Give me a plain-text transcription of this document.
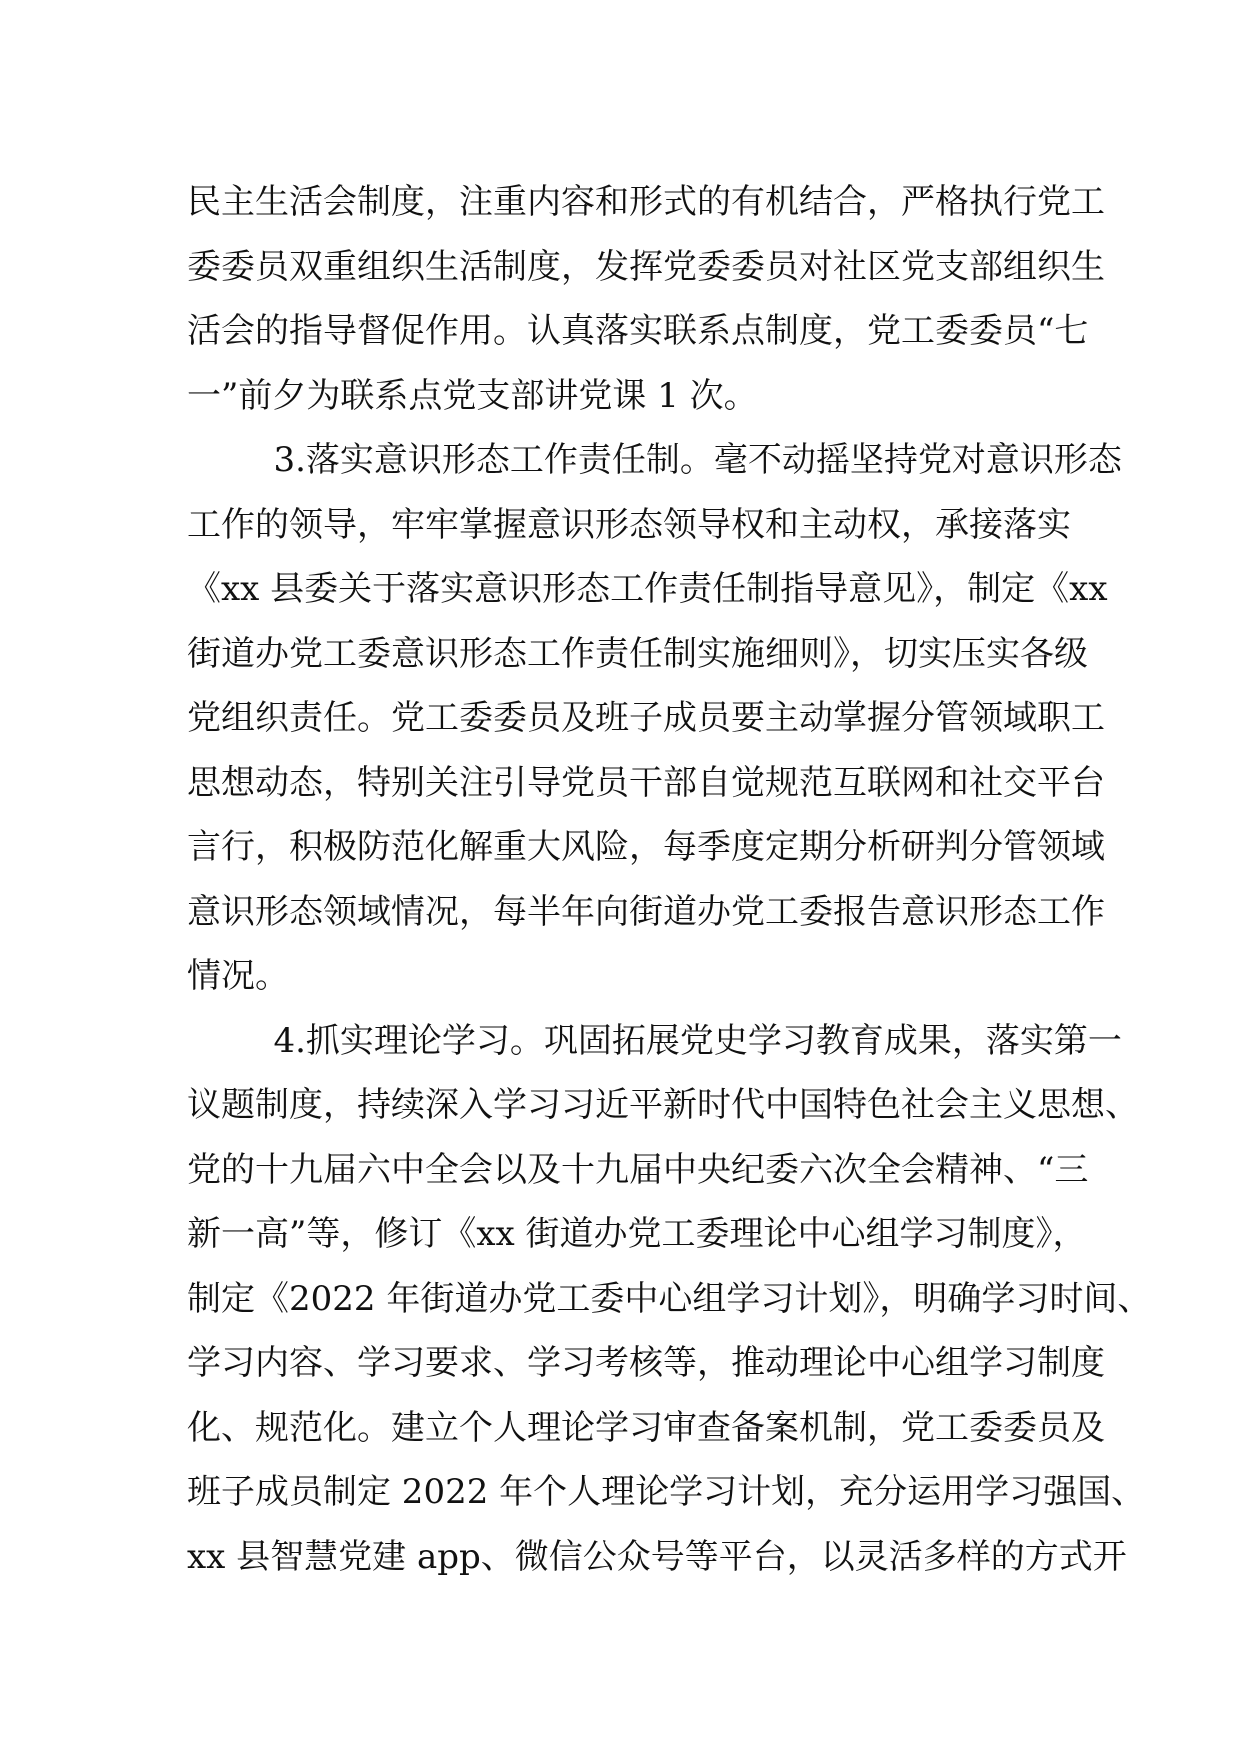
民主生活会制度，注重内容和形式的有机结合，严格执行党工
委委员双重组织生活制度，发挥党委委员对社区党支部组织生
活会的指导督促作用。认真落实联系点制度，党工委委员“七
一”前夕为联系点党支部讲党课 1 次。
3.落实意识形态工作责任制。毫不动摇坚持党对意识形态
工作的领导，牢牢掌握意识形态领导权和主动权，承接落实
《xx 县委关于落实意识形态工作责任制指导意见》，制定《xx
街道办党工委意识形态工作责任制实施细则》，切实压实各级
党组织责任。党工委委员及班子成员要主动掌握分管领域职工
思想动态，特别关注引导党员干部自觉规范互联网和社交平台
言行，积极防范化解重大风险，每季度定期分析研判分管领域
意识形态领域情况，每半年向街道办党工委报告意识形态工作
情况。
4.抓实理论学习。巩固拓展党史学习教育成果，落实第一
议题制度，持续深入学习习近平新时代中国特色社会主义思想、
党的十九届六中全会以及十九届中央纪委六次全会精神、“三
新一高”等，修订《xx 街道办党工委理论中心组学习制度》，
制定《2022 年街道办党工委中心组学习计划》，明确学习时间、
学习内容、学习要求、学习考核等，推动理论中心组学习制度
化、规范化。建立个人理论学习审查备案机制，党工委委员及
班子成员制定 2022 年个人理论学习计划，充分运用学习强国、
xx 县智慧党建 app、微信公众号等平台，以灵活多样的方式开
